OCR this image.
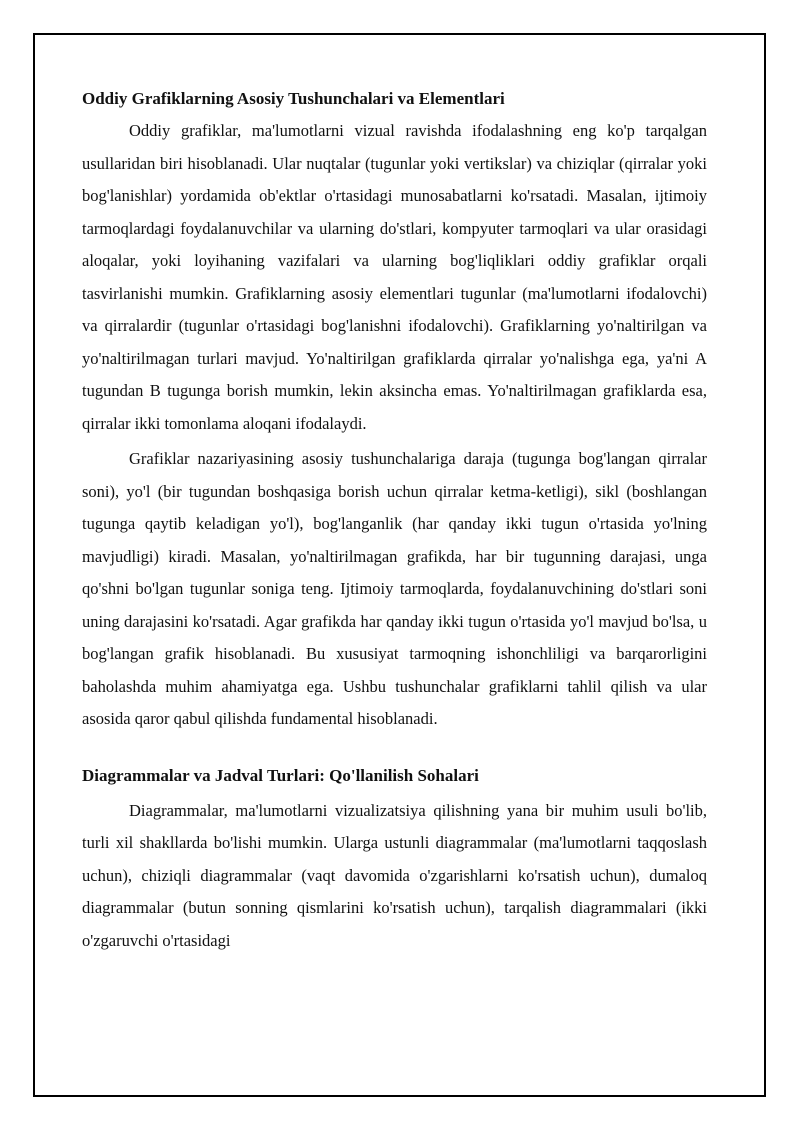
Oddiy Grafiklarning Asosiy Tushunchalari va Elementlari

Oddiy grafiklar, ma'lumotlarni vizual ravishda ifodalashning eng ko'p tarqalgan usullaridan biri hisoblanadi. Ular nuqtalar (tugunlar yoki vertikslar) va chiziqlar (qirralar yoki bog'lanishlar) yordamida ob'ektlar o'rtasidagi munosabatlarni ko'rsatadi. Masalan, ijtimoiy tarmoqlardagi foydalanuvchilar va ularning do'stlari, kompyuter tarmoqlari va ular orasidagi aloqalar, yoki loyihaning vazifalari va ularning bog'liqliklari oddiy grafiklar orqali tasvirlanishi mumkin. Grafiklarning asosiy elementlari tugunlar (ma'lumotlarni ifodalovchi) va qirralardir (tugunlar o'rtasidagi bog'lanishni ifodalovchi). Grafiklarning yo'naltirilgan va yo'naltirilmagan turlari mavjud. Yo'naltirilgan grafiklarda qirralar yo'nalishga ega, ya'ni A tugundan B tugunga borish mumkin, lekin aksincha emas. Yo'naltirilmagan grafiklarda esa, qirralar ikki tomonlama aloqani ifodalaydi.

Grafiklar nazariyasining asosiy tushunchalariga daraja (tugunga bog'langan qirralar soni), yo'l (bir tugundan boshqasiga borish uchun qirralar ketma-ketligi), sikl (boshlangan tugunga qaytib keladigan yo'l), bog'langanlik (har qanday ikki tugun o'rtasida yo'lning mavjudligi) kiradi. Masalan, yo'naltirilmagan grafikda, har bir tugunning darajasi, unga qo'shni bo'lgan tugunlar soniga teng. Ijtimoiy tarmoqlarda, foydalanuvchining do'stlari soni uning darajasini ko'rsatadi. Agar grafikda har qanday ikki tugun o'rtasida yo'l mavjud bo'lsa, u bog'langan grafik hisoblanadi. Bu xususiyat tarmoqning ishonchliligi va barqarorligini baholashda muhim ahamiyatga ega. Ushbu tushunchalar grafiklarni tahlil qilish va ular asosida qaror qabul qilishda fundamental hisoblanadi.

Diagrammalar va Jadval Turlari: Qo'llanilish Sohalari

Diagrammalar, ma'lumotlarni vizualizatsiya qilishning yana bir muhim usuli bo'lib, turli xil shakllarda bo'lishi mumkin. Ularga ustunli diagrammalar (ma'lumotlarni taqqoslash uchun), chiziqli diagrammalar (vaqt davomida o'zgarishlarni ko'rsatish uchun), dumaloq diagrammalar (butun sonning qismlarini ko'rsatish uchun), tarqalish diagrammalari (ikki o'zgaruvchi o'rtasidagi
